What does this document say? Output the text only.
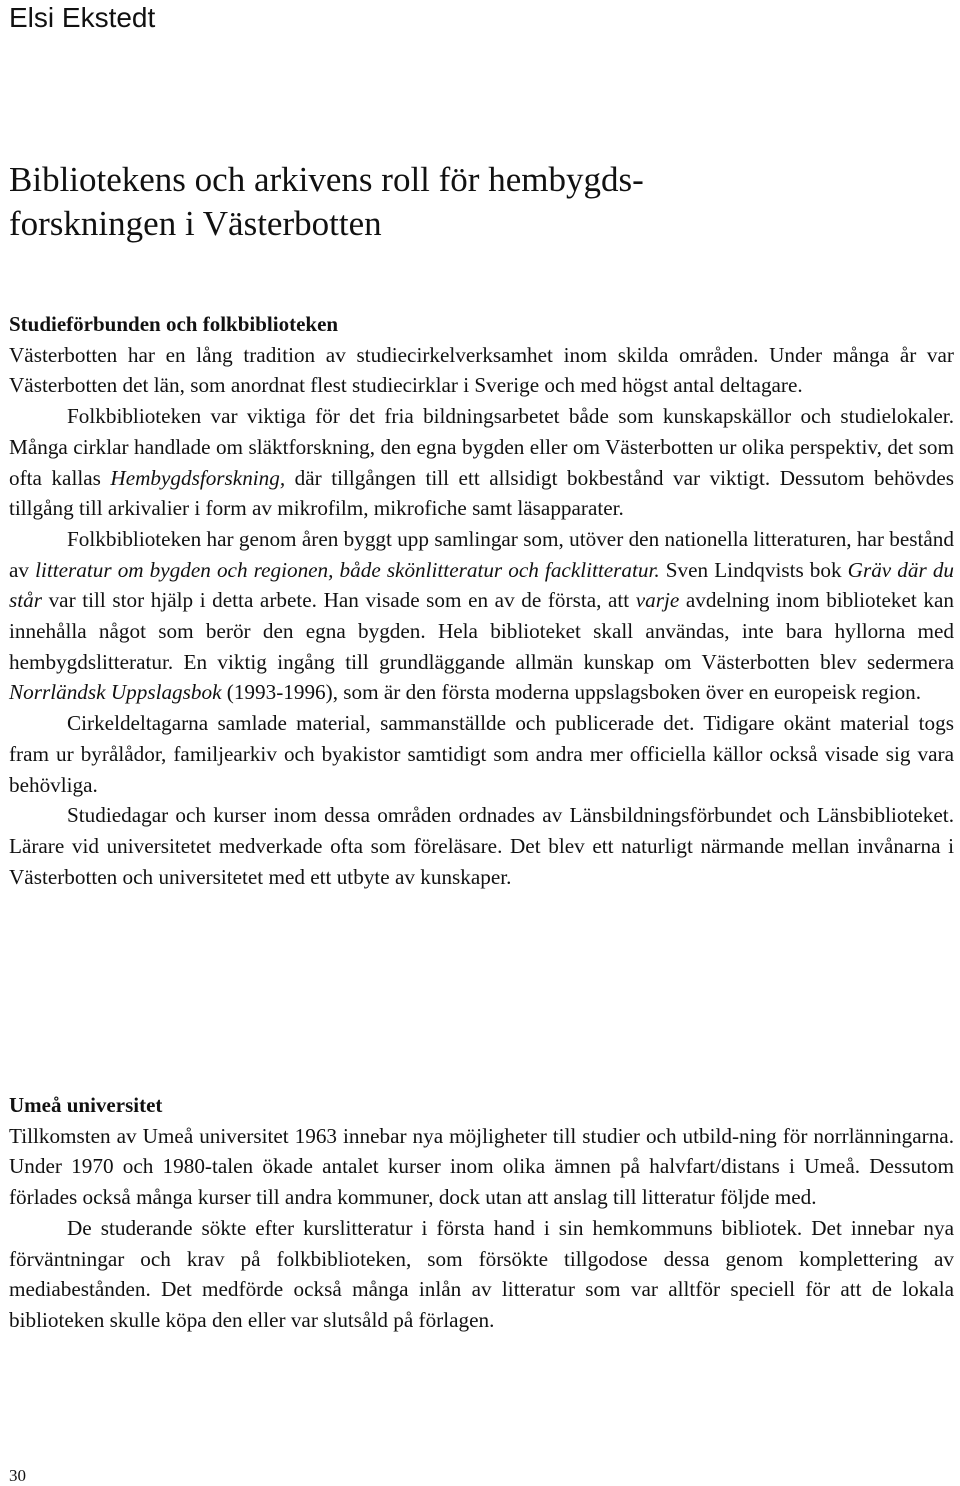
Elsi Ekstedt
Bibliotekens och arkivens roll för hembygds-
forskningen i Västerbotten
Studieförbunden och folkbiblioteken

Västerbotten har en lång tradition av studiecirkelverksamhet inom skilda områden. Under många år var Västerbotten det län, som anordnat flest studiecirklar i Sverige och med högst antal deltagare.

Folkbiblioteken var viktiga för det fria bildningsarbetet både som kunskapskällor och studielokaler. Många cirklar handlade om släktforskning, den egna bygden eller om Västerbotten ur olika perspektiv, det som ofta kallas Hembygdsforskning, där tillgången till ett allsidigt bokbestånd var viktigt. Dessutom behövdes tillgång till arkivalier i form av mikrofilm, mikrofiche samt läsapparater.

Folkbiblioteken har genom åren byggt upp samlingar som, utöver den nationella litteraturen, har bestånd av litteratur om bygden och regionen, både skönlitteratur och facklitteratur. Sven Lindqvists bok Gräv där du står var till stor hjälp i detta arbete. Han visade som en av de första, att varje avdelning inom biblioteket kan innehålla något som berör den egna bygden. Hela biblioteket skall användas, inte bara hyllorna med hembygdslitteratur. En viktig ingång till grundläggande allmän kunskap om Västerbotten blev sedermera Norrländsk Uppslagsbok (1993-1996), som är den första moderna uppslagsboken över en europeisk region.

Cirkeldeltagarna samlade material, sammanställde och publicerade det. Tidigare okänt material togs fram ur byrålådor, familjearkiv och byakistor samtidigt som andra mer officiella källor också visade sig vara behövliga.

Studiedagar och kurser inom dessa områden ordnades av Länsbildningsförbundet och Länsbiblioteket. Lärare vid universitetet medverkade ofta som föreläsare. Det blev ett naturligt närmande mellan invånarna i Västerbotten och universitetet med ett utbyte av kunskaper.

Umeå universitet

Tillkomsten av Umeå universitet 1963 innebar nya möjligheter till studier och utbild-ning för norrlänningarna. Under 1970 och 1980-talen ökade antalet kurser inom olika ämnen på halvfart/distans i Umeå. Dessutom förlades också många kurser till andra kommuner, dock utan att anslag till litteratur följde med.

De studerande sökte efter kurslitteratur i första hand i sin hemkommuns bibliotek. Det innebar nya förväntningar och krav på folkbiblioteken, som försökte tillgodose dessa genom komplettering av mediabestånden. Det medförde också många inlån av litteratur som var alltför speciell för att de lokala biblioteken skulle köpa den eller var slutsåld på förlagen.

30
